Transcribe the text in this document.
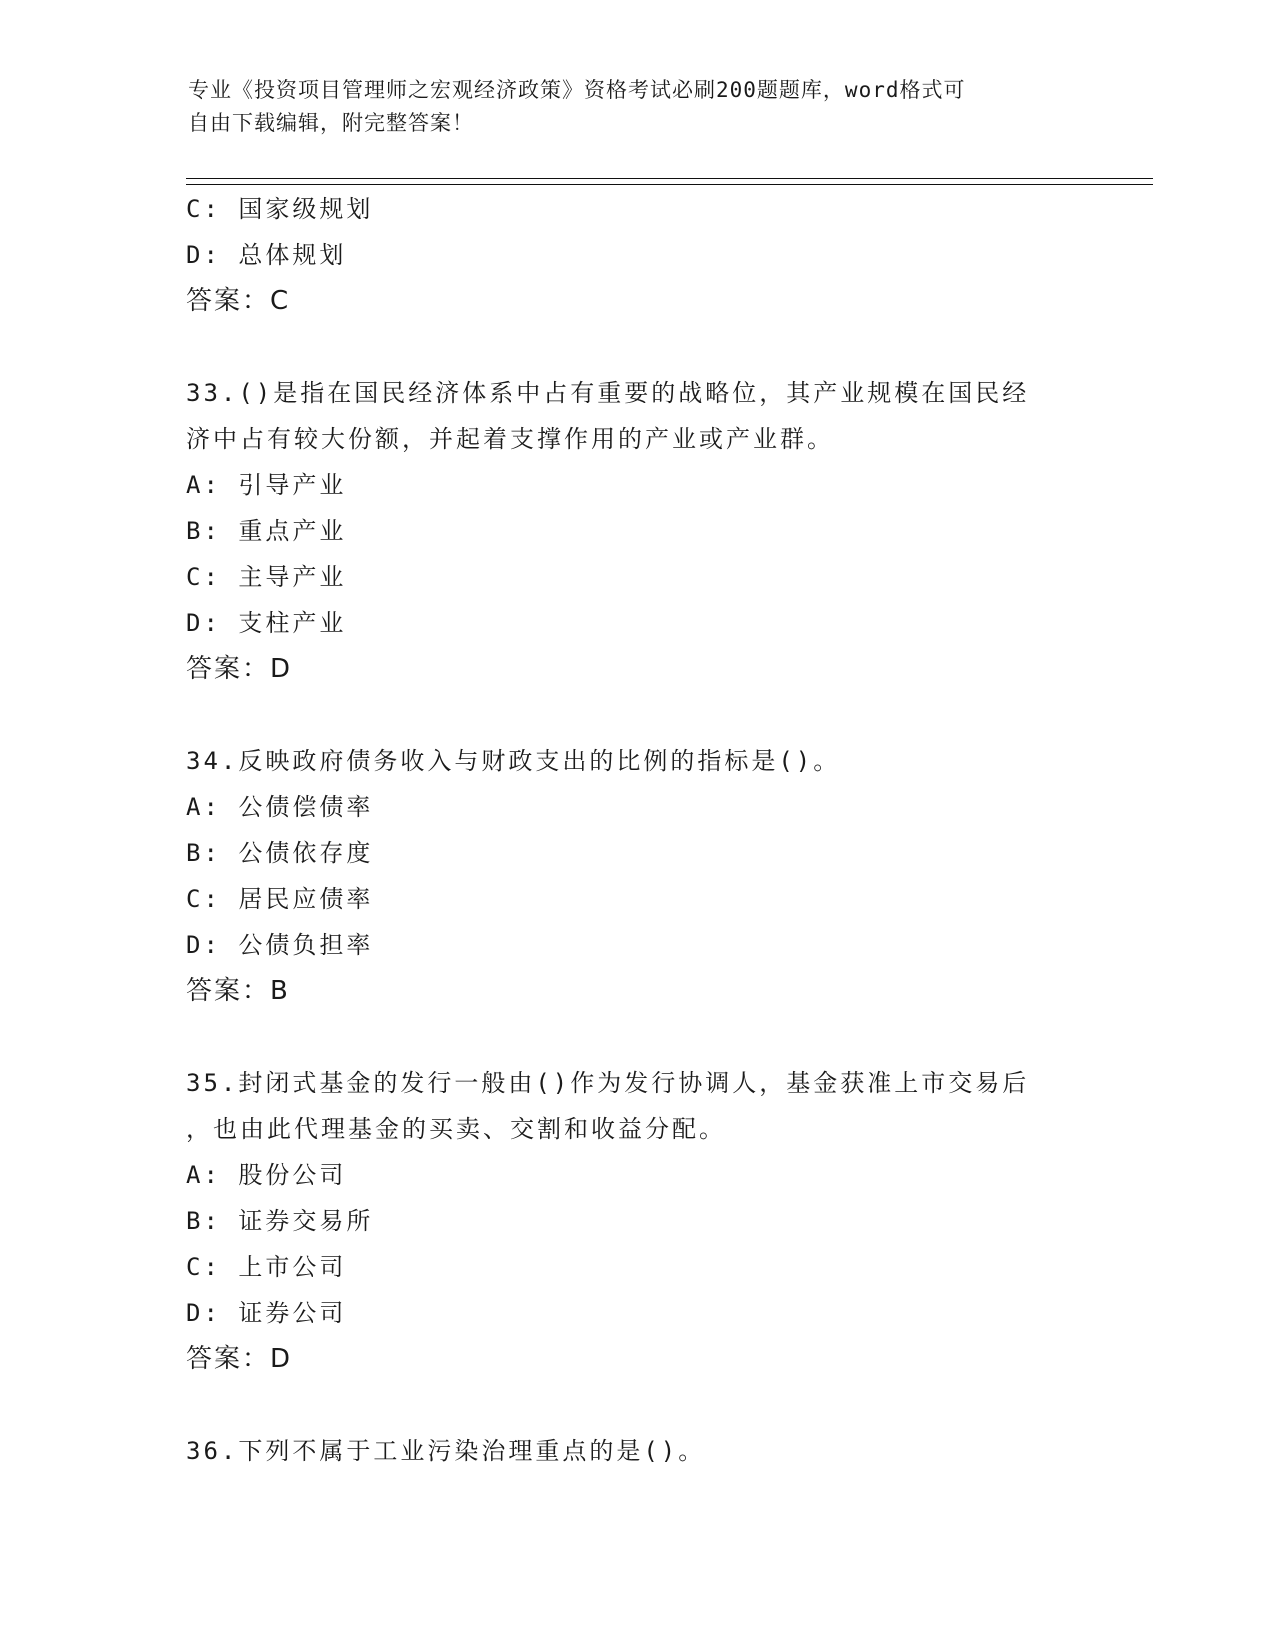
专业《投资项目管理师之宏观经济政策》资格考试必刷200题题库，word格式可
自由下载编辑，附完整答案！
C: 国家级规划
D: 总体规划
答案：C
33.()是指在国民经济体系中占有重要的战略位，其产业规模在国民经
济中占有较大份额，并起着支撑作用的产业或产业群。
A: 引导产业
B: 重点产业
C: 主导产业
D: 支柱产业
答案：D
34.反映政府债务收入与财政支出的比例的指标是()。
A: 公债偿债率
B: 公债依存度
C: 居民应债率
D: 公债负担率
答案：B
35.封闭式基金的发行一般由()作为发行协调人，基金获准上市交易后
，也由此代理基金的买卖、交割和收益分配。
A: 股份公司
B: 证券交易所
C: 上市公司
D: 证券公司
答案：D
36.下列不属于工业污染治理重点的是()。
